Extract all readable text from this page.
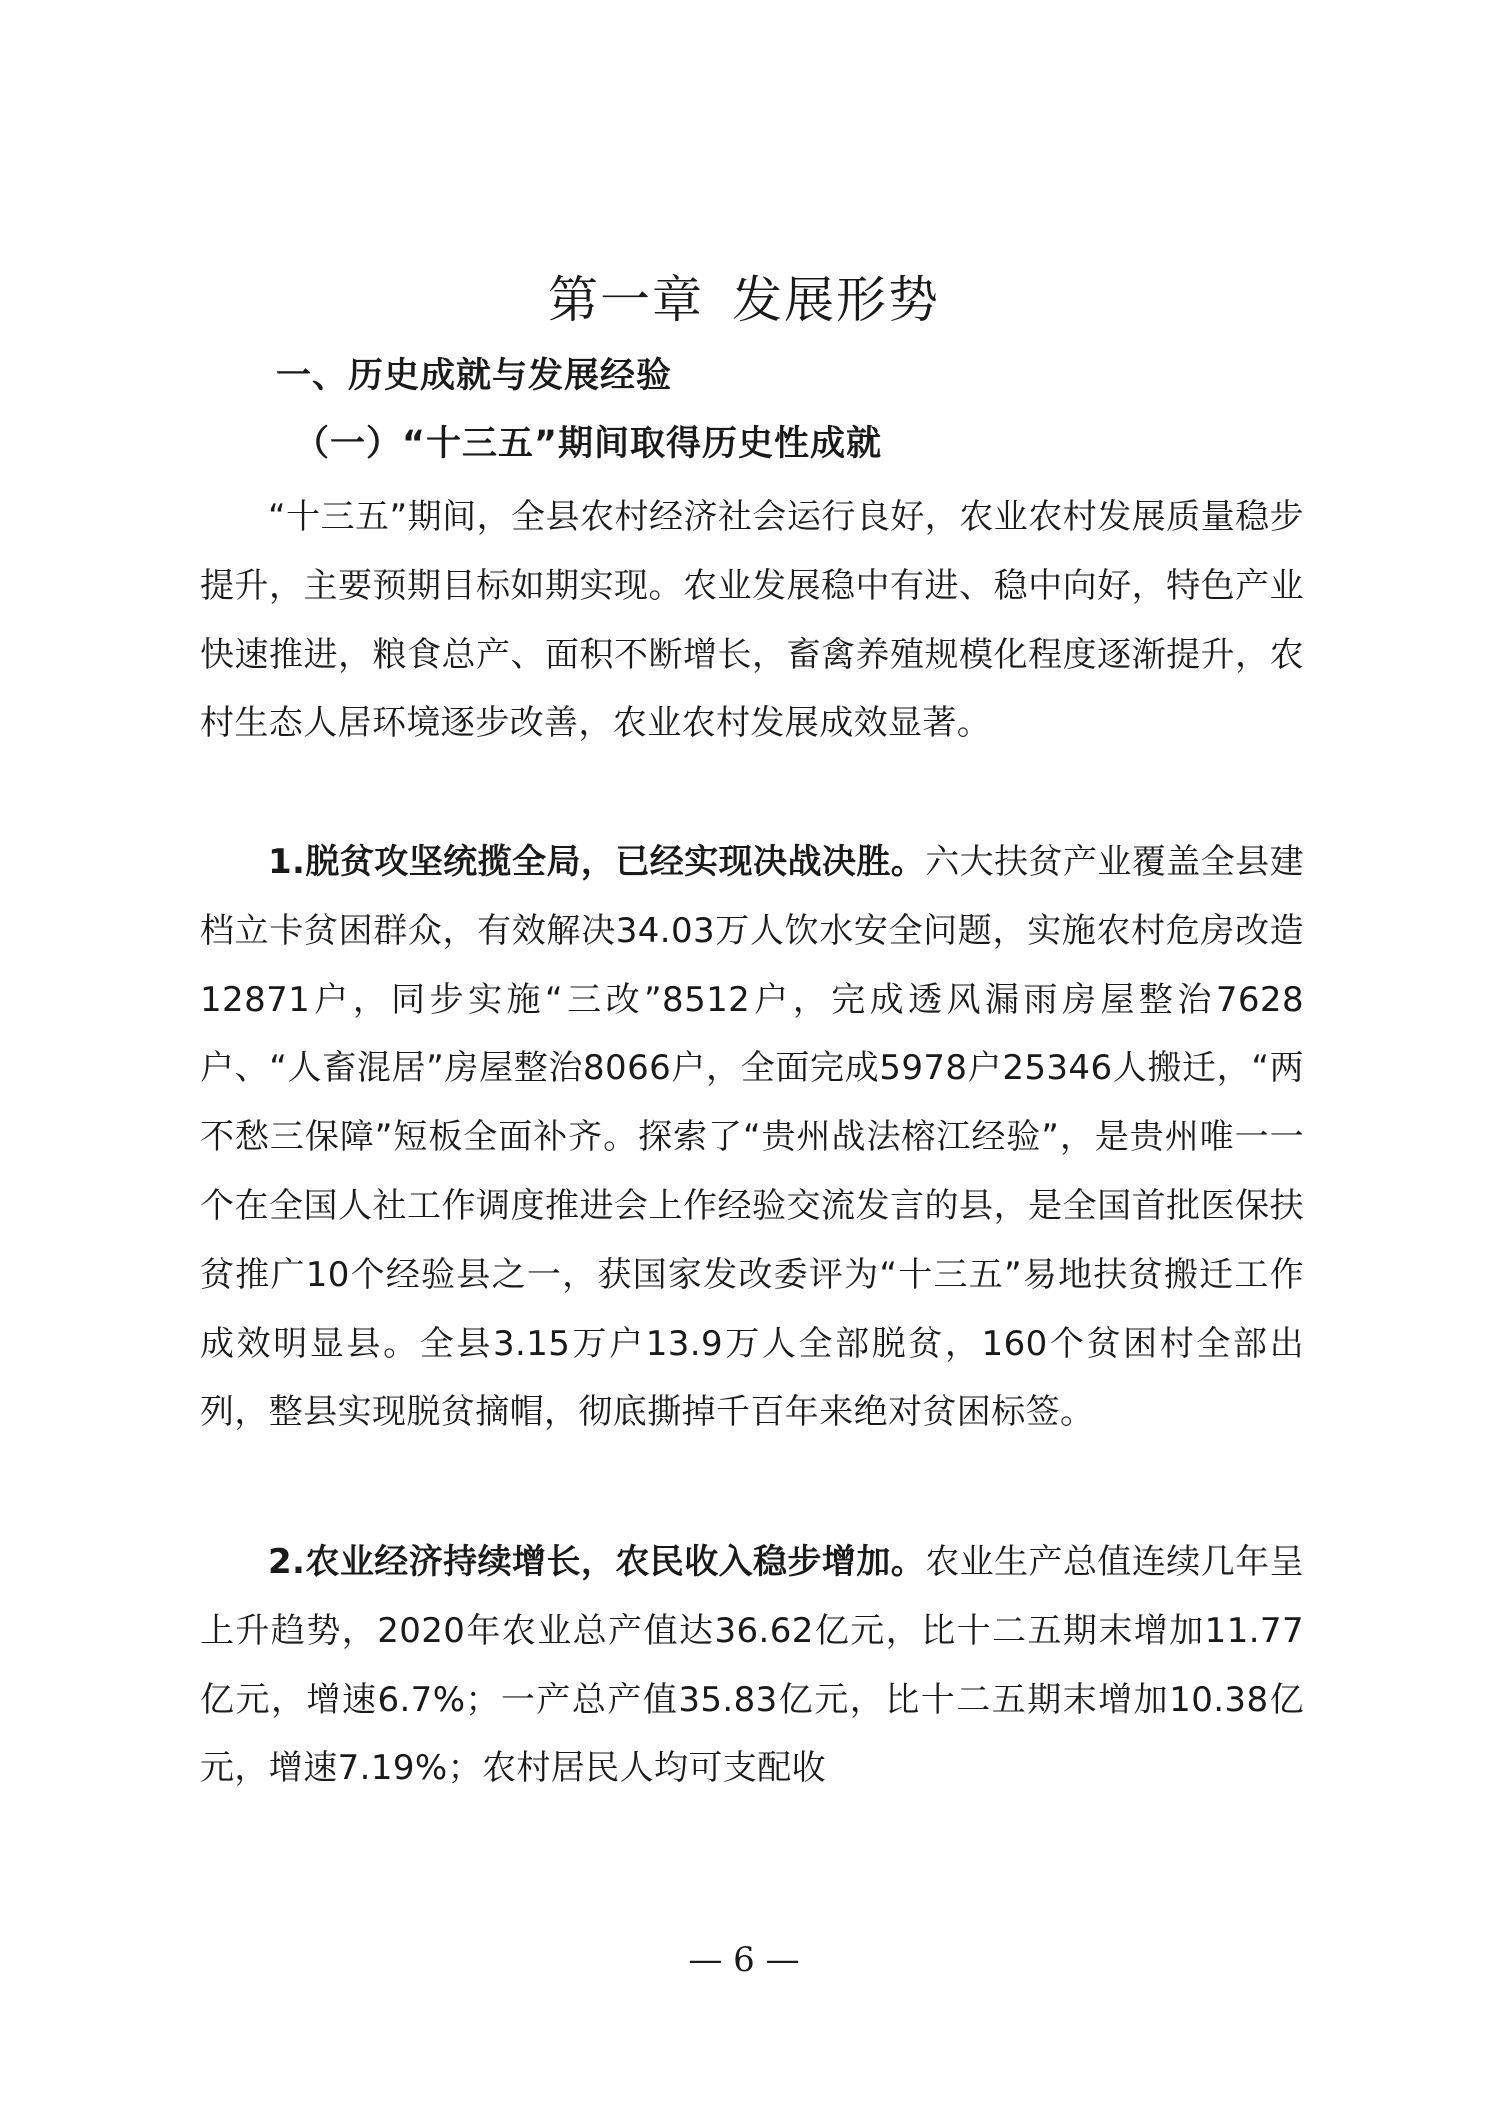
第一章 发展形势
一、历史成就与发展经验
（一）“十三五”期间取得历史性成就

“十三五”期间，全县农村经济社会运行良好，农业农村发展质量稳步提升，主要预期目标如期实现。农业发展稳中有进、稳中向好，特色产业快速推进，粮食总产、面积不断增长，畜禽养殖规模化程度逐渐提升，农村生态人居环境逐步改善，农业农村发展成效显著。

1.脱贫攻坚统揽全局，已经实现决战决胜。六大扶贫产业覆盖全县建档立卡贫困群众，有效解决34.03万人饮水安全问题，实施农村危房改造12871户，同步实施“三改”8512户，完成透风漏雨房屋整治7628户、“人畜混居”房屋整治8066户，全面完成5978户25346人搬迁，“两不愁三保障”短板全面补齐。探索了“贵州战法榕江经验”，是贵州唯一一个在全国人社工作调度推进会上作经验交流发言的县，是全国首批医保扶贫推广10个经验县之一，获国家发改委评为“十三五”易地扶贫搬迁工作成效明显县。全县3.15万户13.9万人全部脱贫，160个贫困村全部出列，整县实现脱贫摘帽，彻底撕掉千百年来绝对贫困标签。

2.农业经济持续增长，农民收入稳步增加。农业生产总值连续几年呈上升趋势，2020年农业总产值达36.62亿元，比十二五期末增加11.77亿元，增速6.7%；一产总产值35.83亿元，比十二五期末增加10.38亿元，增速7.19%；农村居民人均可支配收

— 6 —
